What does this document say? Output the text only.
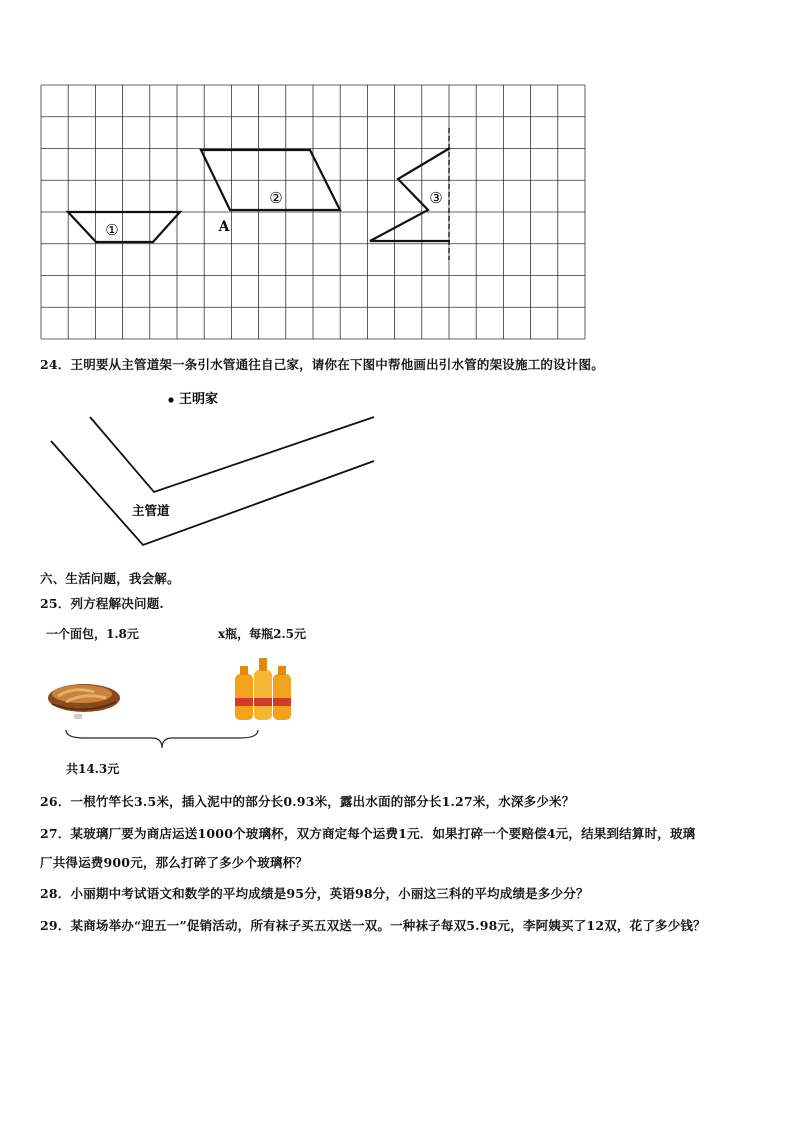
①
②	③
A
24．王明要从主管道架一条引水管通往自己家，请你在下图中帮他画出引水管的架设施工的设计图。
王明家
主管道
六、生活问题，我会解。
25．列方程解决问题.
一个面包，1.8元	x瓶，每瓶2.5元
共14.3元
26．一根竹竿长3.5米，插入泥中的部分长0.93米，露出水面的部分长1.27米，水深多少米？
27．某玻璃厂要为商店运送1000个玻璃杯，双方商定每个运费1元．如果打碎一个要赔偿4元，结果到结算时，玻璃
厂共得运费900元，那么打碎了多少个玻璃杯？
28．小丽期中考试语文和数学的平均成绩是95分，英语98分，小丽这三科的平均成绩是多少分？
29．某商场举办“迎五一”促销活动，所有袜子买五双送一双。一种袜子每双5.98元，李阿姨买了12双，花了多少钱？
